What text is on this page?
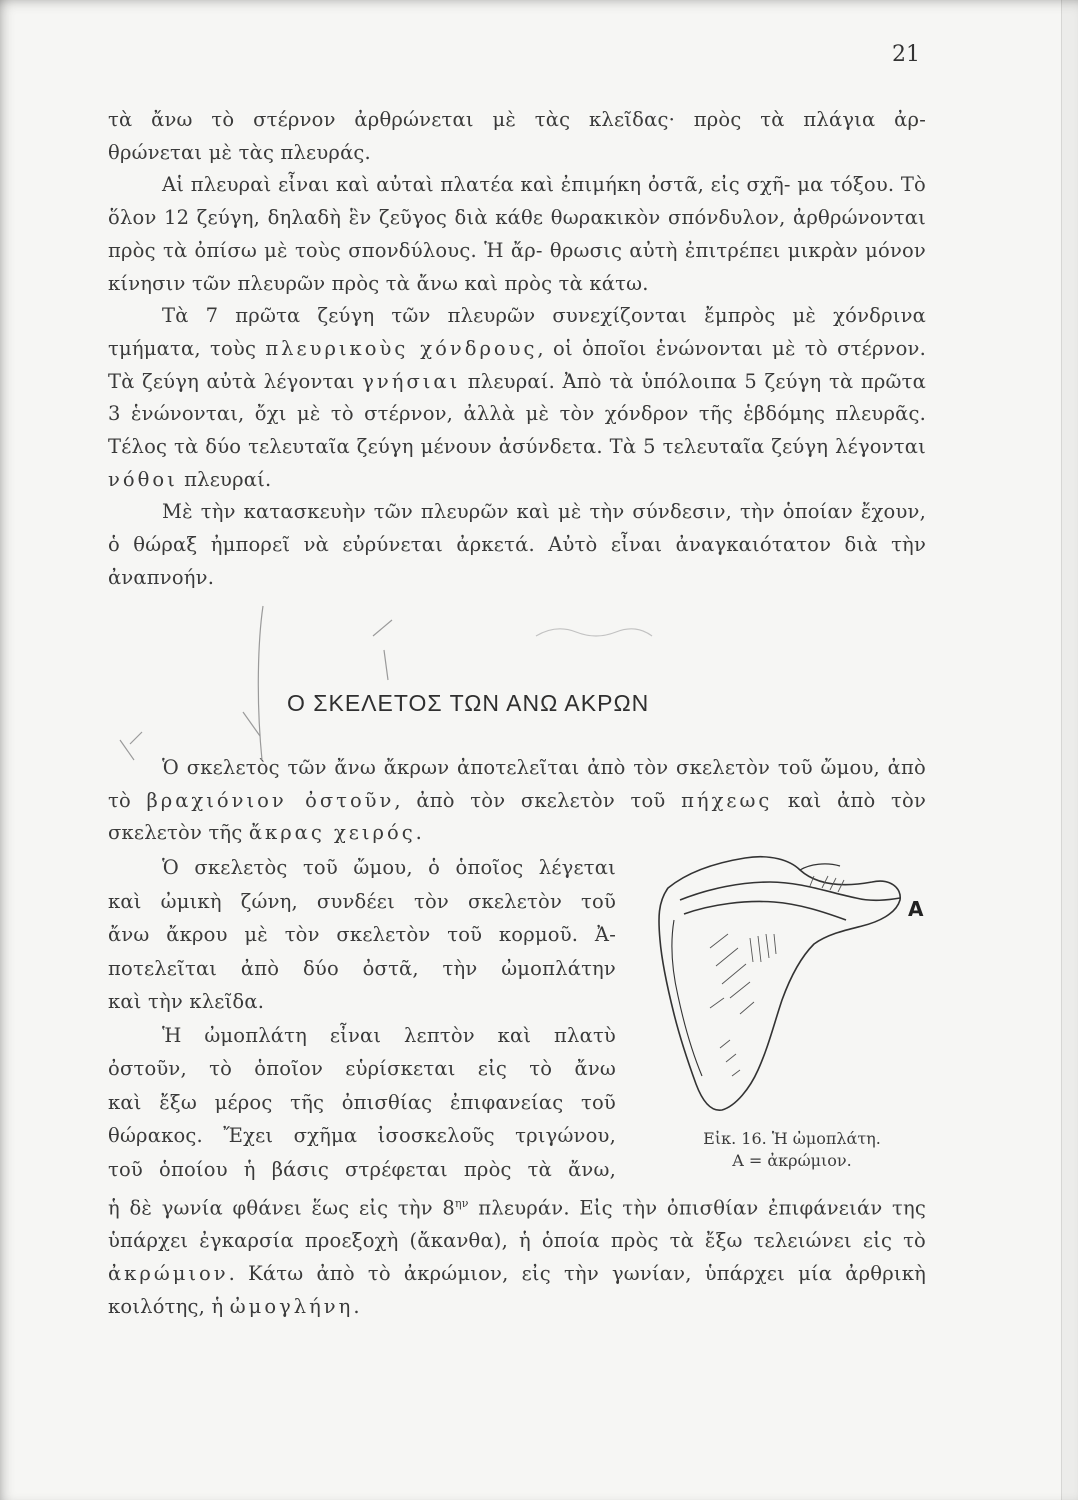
21

τὰ ἄνω τὸ στέρνον ἀρθρώνεται μὲ τὰς κλεῖδας· πρὸς τὰ πλάγια ἀρ-

θρώνεται μὲ τὰς πλευράς.

Αἱ πλευραὶ εἶναι καὶ αὐταὶ πλατέα καὶ ἐπιμήκη ὀστᾶ, εἰς σχῆ- μα τόξου. Τὸ ὅλον 12 ζεύγη, δηλαδὴ ἓν ζεῦγος διὰ κάθε θωρακικὸν σπόνδυλον, ἀρθρώνονται πρὸς τὰ ὀπίσω μὲ τοὺς σπονδύλους. Ἡ ἄρ- θρωσις αὐτὴ ἐπιτρέπει μικρὰν μόνον κίνησιν τῶν πλευρῶν πρὸς τὰ ἄνω καὶ πρὸς τὰ κάτω.

Τὰ 7 πρῶτα ζεύγη τῶν πλευρῶν συνεχίζονται ἔμπρὸς μὲ χόνδρινα τμήματα, τοὺς πλευρικοὺς χόνδρους, οἱ ὁποῖοι ἑνώνονται μὲ τὸ στέρνον. Τὰ ζεύγη αὐτὰ λέγονται γνήσιαι πλευραί. Ἀπὸ τὰ ὑπόλοιπα 5 ζεύγη τὰ πρῶτα 3 ἑνώνονται, ὄχι μὲ τὸ στέρνον, ἀλλὰ μὲ τὸν χόνδρον τῆς ἑβδόμης πλευρᾶς. Τέλος τὰ δύο τελευταῖα ζεύγη μένουν ἀσύνδετα. Τὰ 5 τελευταῖα ζεύγη λέγονται νόθοι πλευραί.

Μὲ τὴν κατασκευὴν τῶν πλευρῶν καὶ μὲ τὴν σύνδεσιν, τὴν ὁποίαν ἔχουν, ὁ θώραξ ἠμπορεῖ νὰ εὐρύνεται ἀρκετά. Αὐτὸ εἶναι ἀναγκαιότατον διὰ τὴν ἀναπνοήν.

Ο ΣΚΕΛΕΤΟΣ ΤΩΝ ΑΝΩ ΑΚΡΩΝ

Ὁ σκελετὸς τῶν ἄνω ἄκρων ἀποτελεῖται ἀπὸ τὸν σκελετὸν τοῦ ὤμου, ἀπὸ τὸ βραχιόνιον ὀστοῦν, ἀπὸ τὸν σκελετὸν τοῦ πήχεως καὶ ἀπὸ τὸν σκελετὸν τῆς ἄκρας χειρός.

Ὁ σκελετὸς τοῦ ὤμου, ὁ ὁποῖος λέγεται

καὶ ὠμικὴ ζώνη, συνδέει τὸν σκελετὸν τοῦ

ἄνω ἄκρου μὲ τὸν σκελετὸν τοῦ κορμοῦ. Ἀ-

ποτελεῖται ἀπὸ δύο ὀστᾶ, τὴν ὠμοπλάτην

καὶ τὴν κλεῖδα.

Ἡ ὠμοπλάτη εἶναι λεπτὸν καὶ πλατὺ

ὀστοῦν, τὸ ὁποῖον εὑρίσκεται εἰς τὸ ἄνω

καὶ ἔξω μέρος τῆς ὀπισθίας ἐπιφανείας τοῦ

θώρακος. Ἔχει σχῆμα ἰσοσκελοῦς τριγώνου,

τοῦ ὁποίου ἡ βάσις στρέφεται πρὸς τὰ ἄνω,

ἡ δὲ γωνία φθάνει ἕως εἰς τὴν $8^{\eta\nu}$ πλευράν. Εἰς τὴν ὀπισθίαν ἐπιφάνειάν της ὑπάρχει ἐγκαρσία προεξοχὴ (ἄκανθα), ἡ ὁποία πρὸς τὰ ἔξω τελειώνει εἰς τὸ ἀκρώμιον. Κάτω ἀπὸ τὸ ἀκρώμιον, εἰς τὴν γωνίαν, ὑπάρχει μία ἀρθρικὴ κοιλότης, ἡ ὠμογλήνη.

A
Εἰκ. 16. Ἡ ὠμοπλάτη.
Α = ἀκρώμιον.
